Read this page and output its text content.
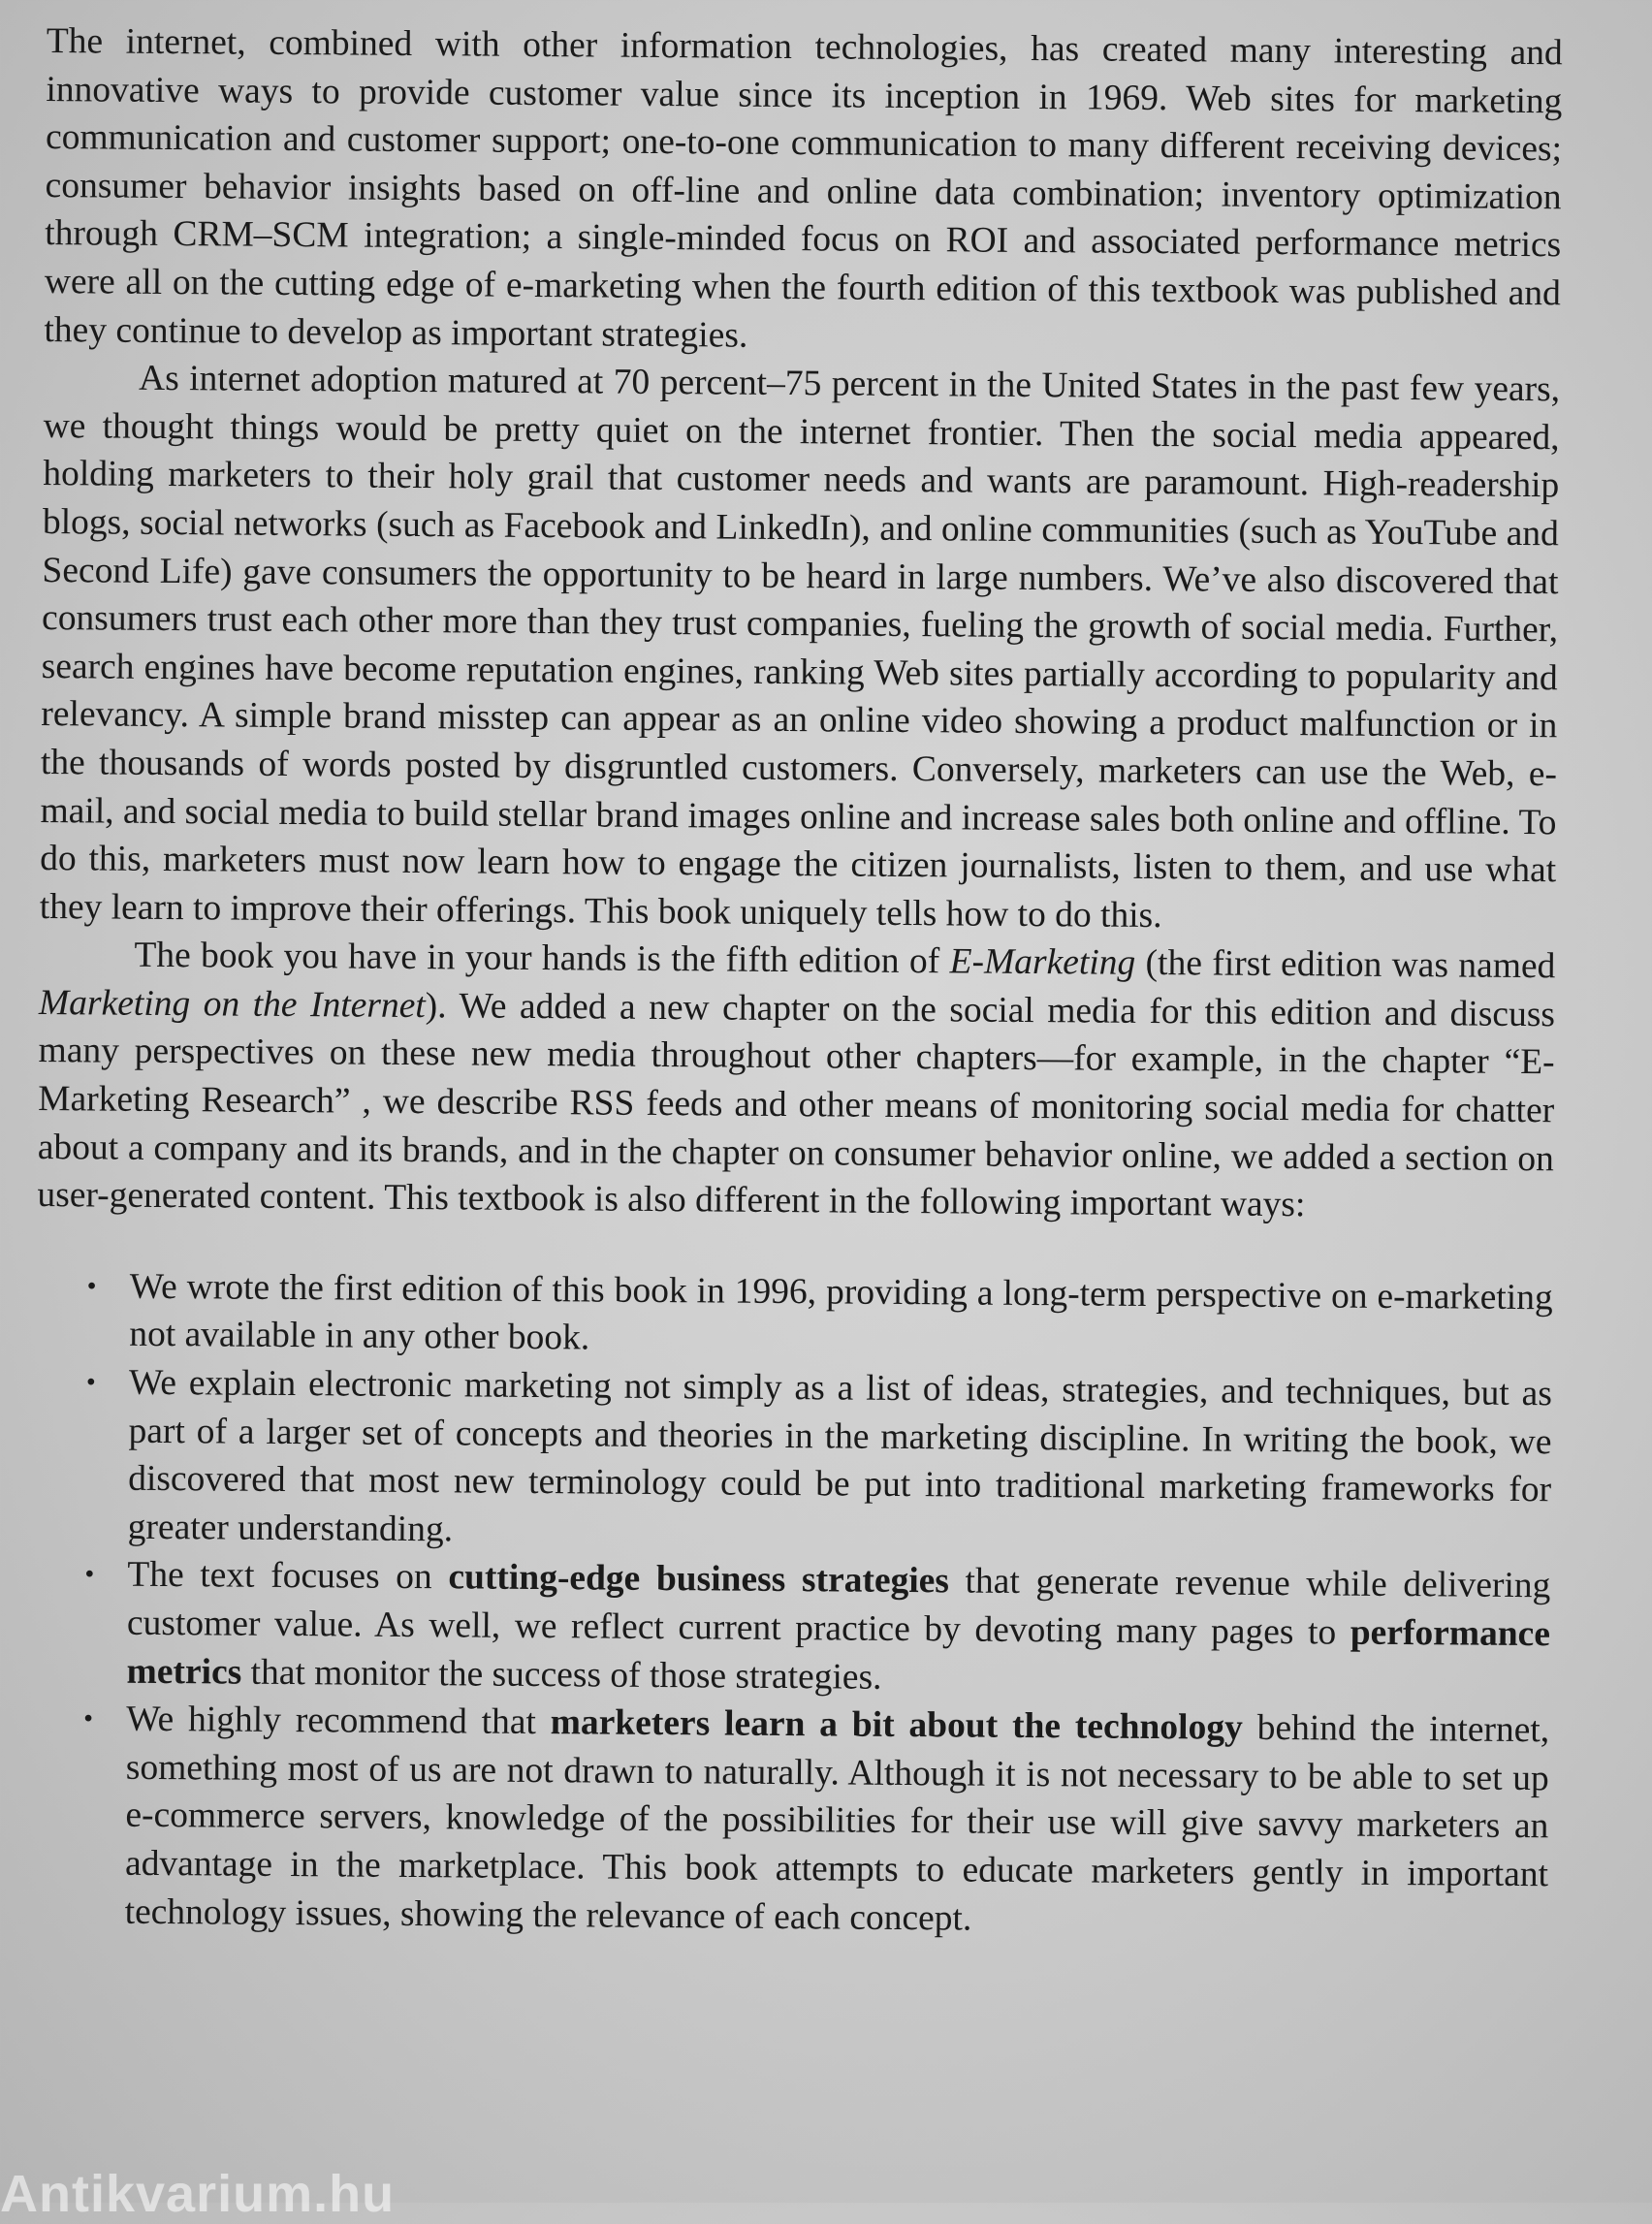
The internet, combined with other information technologies, has created many interesting and innovative ways to provide customer value since its inception in 1969. Web sites for marketing communication and customer support; one-to-one communication to many different receiving devices; consumer behavior insights based on off-line and online data combination; inventory optimization through CRM–SCM integration; a single-minded focus on ROI and associated performance metrics were all on the cutting edge of e-marketing when the fourth edition of this textbook was published and they continue to develop as important strategies.

As internet adoption matured at 70 percent–75 percent in the United States in the past few years, we thought things would be pretty quiet on the internet frontier. Then the social media appeared, holding marketers to their holy grail that customer needs and wants are paramount. High-readership blogs, social networks (such as Facebook and LinkedIn), and online communities (such as YouTube and Second Life) gave consumers the opportunity to be heard in large numbers. We’ve also discovered that consumers trust each other more than they trust companies, fueling the growth of social media. Further, search engines have become reputation engines, ranking Web sites partially according to popularity and relevancy. A simple brand misstep can appear as an online video showing a product malfunction or in the thousands of words posted by disgruntled customers. Conversely, marketers can use the Web, e-mail, and social media to build stellar brand images online and increase sales both online and offline. To do this, marketers must now learn how to engage the citizen journalists, listen to them, and use what they learn to improve their offerings. This book uniquely tells how to do this.

The book you have in your hands is the fifth edition of E-Marketing (the first edition was named Marketing on the Internet). We added a new chapter on the social media for this edition and discuss many perspectives on these new media throughout other chapters—for example, in the chapter “E-Marketing Research” , we describe RSS feeds and other means of monitoring social media for chatter about a company and its brands, and in the chapter on consumer behavior online, we added a section on user-generated content. This textbook is also different in the following important ways:

• We wrote the first edition of this book in 1996, providing a long-term perspective on e-marketing not available in any other book.
• We explain electronic marketing not simply as a list of ideas, strategies, and techniques, but as part of a larger set of concepts and theories in the marketing discipline. In writing the book, we discovered that most new terminology could be put into traditional marketing frameworks for greater understanding.
• The text focuses on cutting-edge business strategies that generate revenue while delivering customer value. As well, we reflect current practice by devoting many pages to performance metrics that monitor the success of those strategies.
• We highly recommend that marketers learn a bit about the technology behind the internet, something most of us are not drawn to naturally. Although it is not necessary to be able to set up e-commerce servers, knowledge of the possibilities for their use will give savvy marketers an advantage in the marketplace. This book attempts to educate marketers gently in important technology issues, showing the relevance of each concept.
Antikvarium.hu
